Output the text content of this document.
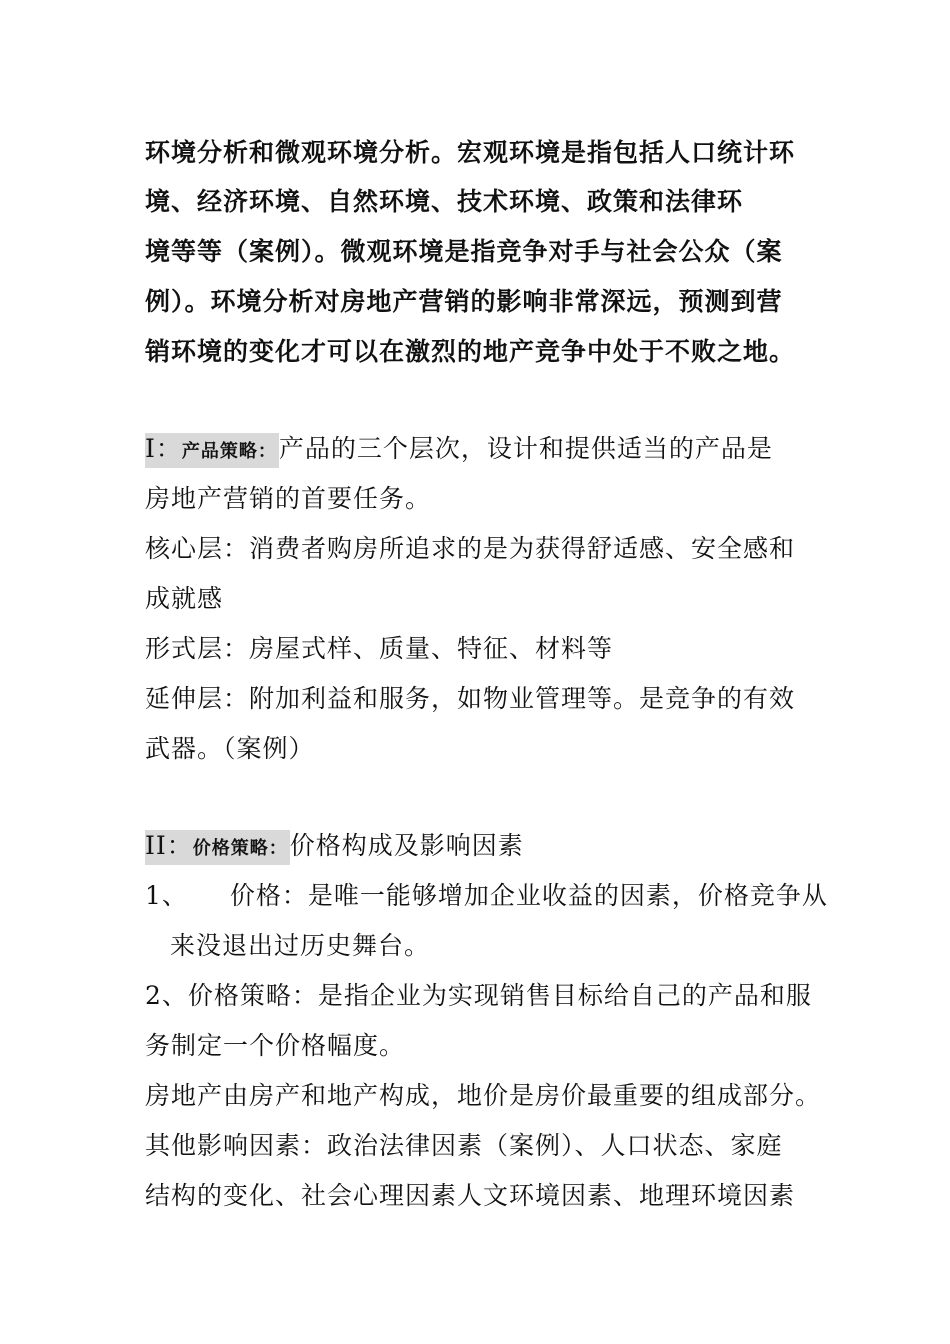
环境分析和微观环境分析。宏观环境是指包括人口统计环
境、经济环境、自然环境、技术环境、政策和法律环
境等等（案例）。微观环境是指竞争对手与社会公众（案
例）。环境分析对房地产营销的影响非常深远，预测到营
销环境的变化才可以在激烈的地产竞争中处于不败之地。
I：产品策略：产品的三个层次，设计和提供适当的产品是
房地产营销的首要任务。
核心层：消费者购房所追求的是为获得舒适感、安全感和
成就感
形式层：房屋式样、质量、特征、材料等
延伸层：附加利益和服务，如物业管理等。是竞争的有效
武器。（案例）
II：价格策略：价格构成及影响因素
1、 价格：是唯一能够增加企业收益的因素，价格竞争从
来没退出过历史舞台。
2、价格策略：是指企业为实现销售目标给自己的产品和服
务制定一个价格幅度。
房地产由房产和地产构成，地价是房价最重要的组成部分。
其他影响因素：政治法律因素（案例）、人口状态、家庭
结构的变化、社会心理因素人文环境因素、地理环境因素
